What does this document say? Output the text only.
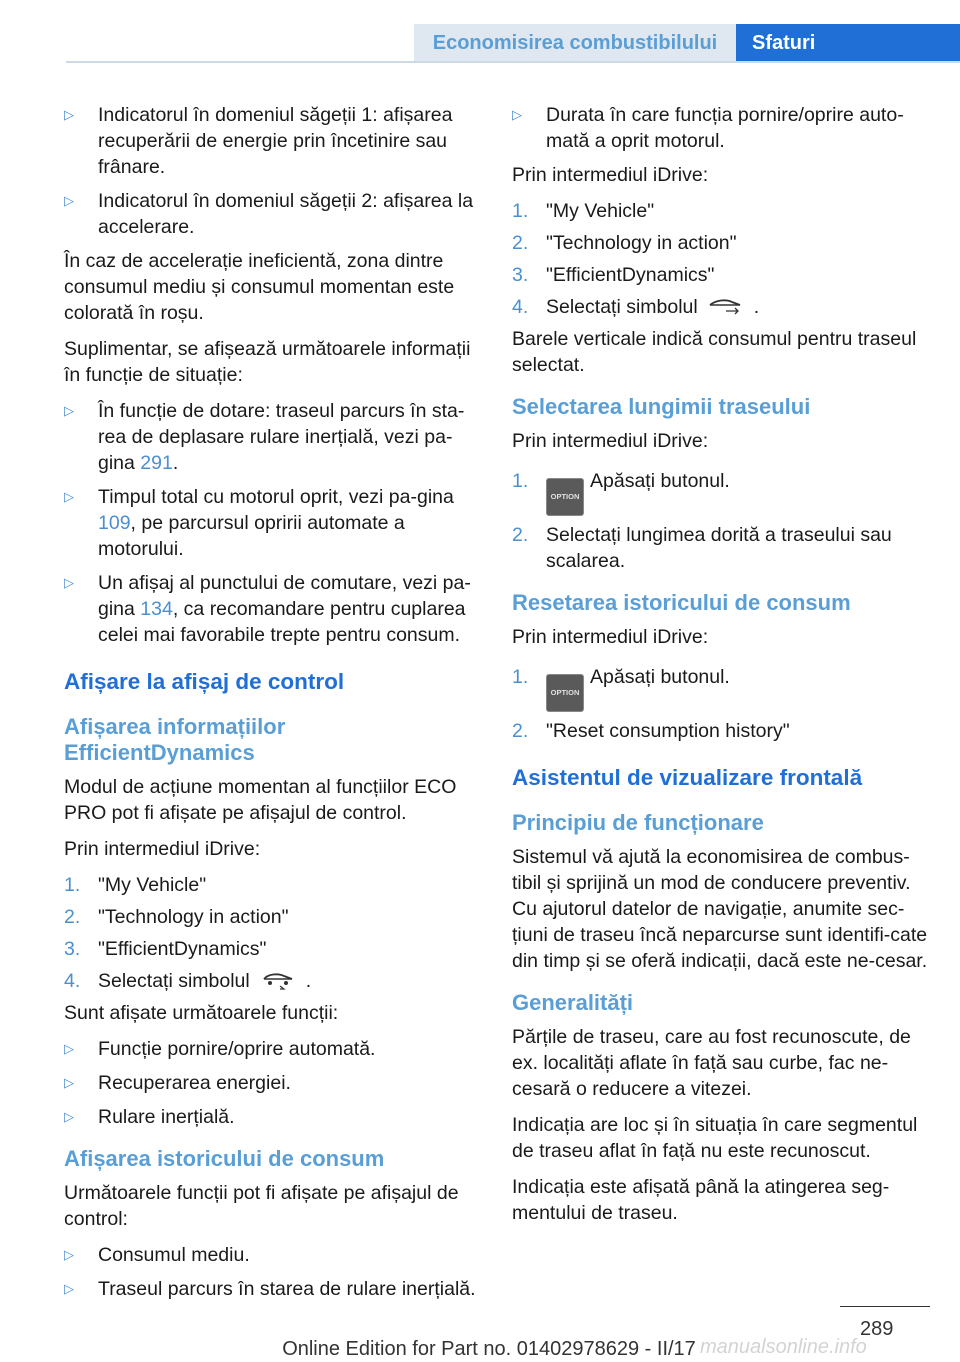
Economisirea combustibilului	Sfaturi
▷	Indicatorul în domeniul săgeții 1: afișarea recuperării de energie prin încetinire sau frânare.
▷	Indicatorul în domeniul săgeții 2: afișarea la accelerare.

În caz de accelerație ineficientă, zona dintre consumul mediu și consumul momentan este colorată în roșu.

Suplimentar, se afișează următoarele informații în funcție de situație:

▷	În funcție de dotare: traseul parcurs în sta‐rea de deplasare rulare inerțială, vezi pa‐gina 291.
▷	Timpul total cu motorul oprit, vezi pa‐gina 109, pe parcursul opririi automate a motorului.
▷	Un afișaj al punctului de comutare, vezi pa‐gina 134, ca recomandare pentru cuplarea celei mai favorabile trepte pentru consum.
Afișare la afișaj de control
Afișarea informațiilor EfficientDynamics

Modul de acțiune momentan al funcțiilor ECO PRO pot fi afișate pe afișajul de control.

Prin intermediul iDrive:

1. "My Vehicle"
2. "Technology in action"
3. "EfficientDynamics"
4. Selectați simbolul	.

Sunt afișate următoarele funcții:

▷	Funcție pornire/oprire automată.
▷	Recuperarea energiei.
▷	Rulare inerțială.
Afișarea istoricului de consum

Următoarele funcții pot fi afișate pe afișajul de control:

▷	Consumul mediu.
▷	Traseul parcurs în starea de rulare inerțială.
▷	Durata în care funcția pornire/oprire auto‐mată a oprit motorul.

Prin intermediul iDrive:

1. "My Vehicle"
2. "Technology in action"
3. "EfficientDynamics"
4. Selectați simbolul	.

Barele verticale indică consumul pentru traseul selectat.

Selectarea lungimii traseului

Prin intermediul iDrive:

1.
OPTIONApăsați butonul.
2. Selectați lungimea dorită a traseului sau scalarea.
Resetarea istoricului de consum

Prin intermediul iDrive:

1.
OPTIONApăsați butonul.
2. "Reset consumption history"
Asistentul de vizualizare frontală
Principiu de funcționare

Sistemul vă ajută la economisirea de combus‐tibil și sprijină un mod de conducere preventiv. Cu ajutorul datelor de navigație, anumite sec‐țiuni de traseu încă neparcurse sunt identifi‐cate din timp și se oferă indicații, dacă este ne‐cesar.

Generalități

Părțile de traseu, care au fost recunoscute, de ex. localități aflate în față sau curbe, fac ne‐cesară o reducere a vitezei.

Indicația are loc și în situația în care segmentul de traseu aflat în față nu este recunoscut.

Indicația este afișată până la atingerea seg‐mentului de traseu.

289
Online Edition for Part no. 01402978629 - II/17 manualsonline.info
